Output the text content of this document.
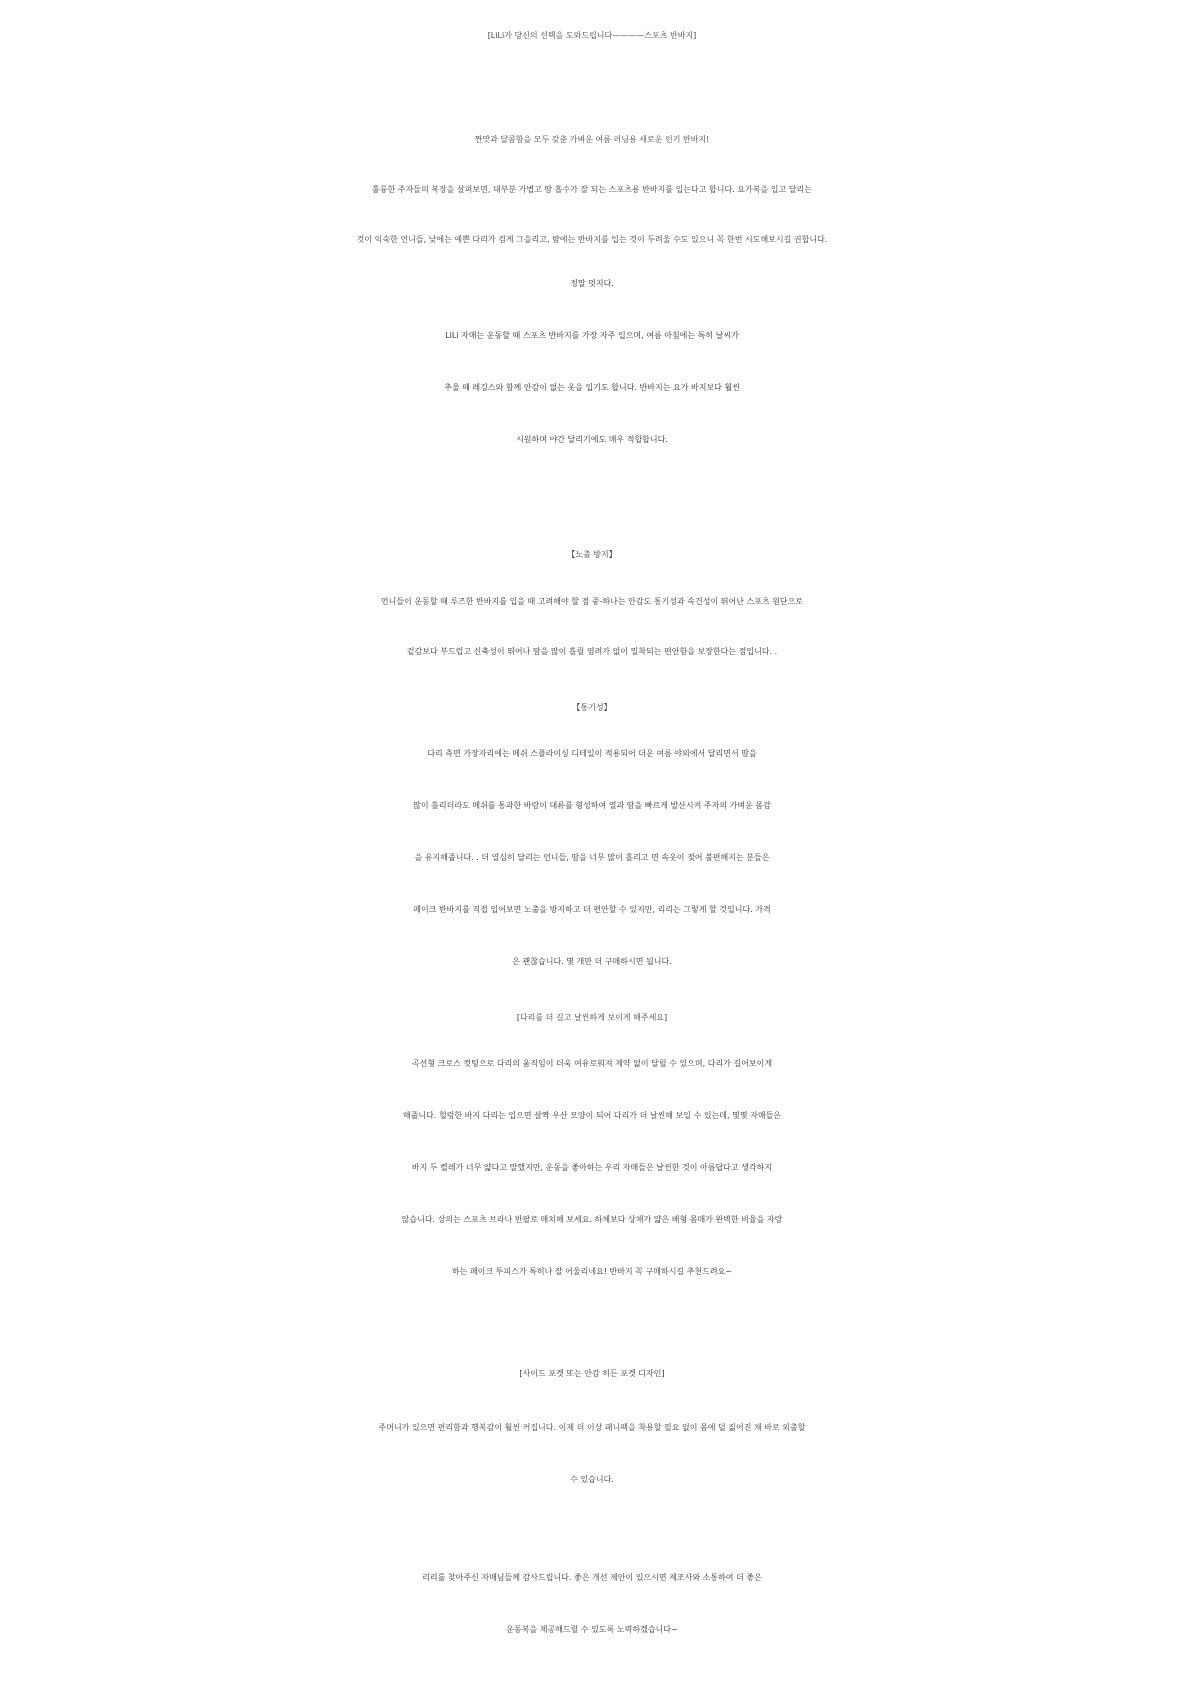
[LiLi가 당신의 선택을 도와드립니다————스포츠 반바지]

짠맛과 달콤함을 모두 갖춘 가벼운 여름 러닝용 새로운 인기 반바지!

훌륭한 주자들의 복장을 살펴보면, 대부분 가볍고 땀 흡수가 잘 되는 스포츠용 반바지를 입는다고 합니다. 요가복을 입고 달리는

것이 익숙한 언니들, 낮에는 예쁜 다리가 검게 그을리고, 밤에는 반바지를 입는 것이 두려울 수도 있으니 꼭 한번 시도해보시길 권합니다.

정말 멋지다.

LiLi 자매는 운동할 때 스포츠 반바지를 가장 자주 입으며, 여름 아침에는 특히 날씨가

추울 때 레깅스와 함께 안감이 없는 옷을 입기도 합니다. 반바지는 요가 바지보다 훨씬

시원하며 야간 달리기에도 매우 적합합니다.

【노출 방지】

언니들이 운동할 때 루즈한 반바지를 입을 때 고려해야 할 점 중-하나는 안감도 통기성과 속건성이 뛰어난 스포츠 원단으로

겉감보다 부드럽고 신축성이 뛰어나 땀을 많이 흘릴 염려가 없이 밀착되는 편안함을 보장한다는 점입니다. .

【통기성】

다리 측면 가장자리에는 메쉬 스플라이싱 디테일이 적용되어 더운 여름 야외에서 달리면서 땀을

많이 흘리더라도 메쉬를 통과한 바람이 대류를 형성하여 열과 땀을 빠르게 발산시켜 주자의 가벼운 몸감

을 유지해줍니다. . 더 열심히 달리는 언니들, 땀을 너무 많이 흘리고 면 속옷이 젖어 불편해지는 분들은

페이크 반바지를 직접 입어보면 노출을 방지하고 더 편안할 수 있지만, 리리는 그렇게 할 것입니다. 가격

은 괜찮습니다. 몇 개만 더 구매하시면 됩니다.

[다리를 더 길고 날씬하게 보이게 해주세요]

곡선형 크로스 컷팅으로 다리의 움직임이 더욱 여유로워져 제약 없이 달릴 수 있으며, 다리가 길어보이게

해줍니다. 헐렁한 바지 다리는 입으면 살짝 우산 모양이 되어 다리가 더 날씬해 보일 수 있는데, 몇몇 자매들은

바지 두 켤레가 너무 얇다고 말했지만, 운동을 좋아하는 우리 자매들은 날씬한 것이 아름답다고 생각하지

않습니다. 상의는 스포츠 브라나 반팔로 매치해 보세요. 하체보다 상체가 얇은 배형 몸매가 완벽한 비율을 자랑

하는 페이크 투피스가 특히나 잘 어울리네요! 반바지 꼭 구매하시길 추천드려요~

[사이드 포켓 또는 안감 히든 포켓 디자인]

주머니가 있으면 편리함과 행복감이 훨씬 커집니다. 이제 더 이상 패니팩을 착용할 필요 없이 몸에 덜 짊어진 채 바로 외출할

수 있습니다.

리리를 찾아주신 자매님들께 감사드립니다. 좋은 개선 제안이 있으시면 제조사와 소통하여 더 좋은

운동복을 제공해드릴 수 있도록 노력하겠습니다~
